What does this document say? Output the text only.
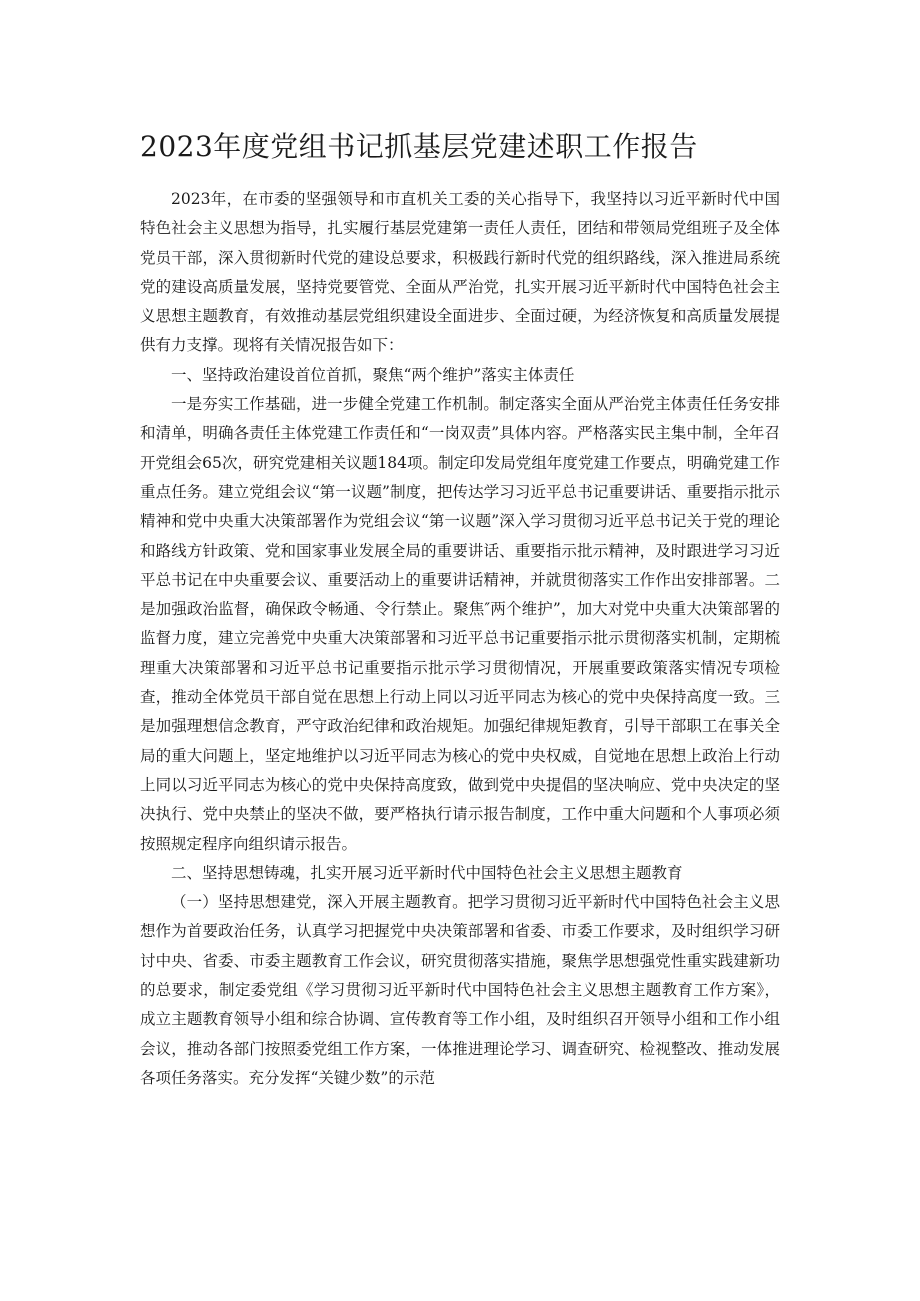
2023年度党组书记抓基层党建述职工作报告

2023年，在市委的坚强领导和市直机关工委的关心指导下，我坚持以习近平新时代中国特色社会主义思想为指导，扎实履行基层党建第一责任人责任，团结和带领局党组班子及全体党员干部，深入贯彻新时代党的建设总要求，积极践行新时代党的组织路线，深入推进局系统党的建设高质量发展，坚持党要管党、全面从严治党，扎实开展习近平新时代中国特色社会主义思想主题教育，有效推动基层党组织建设全面进步、全面过硬，为经济恢复和高质量发展提供有力支撑。现将有关情况报告如下：

一、坚持政治建设首位首抓，聚焦“两个维护”落实主体责任

一是夯实工作基础，进一步健全党建工作机制。制定落实全面从严治党主体责任任务安排和清单，明确各责任主体党建工作责任和“一岗双责”具体内容。严格落实民主集中制，全年召开党组会65次，研究党建相关议题184项。制定印发局党组年度党建工作要点，明确党建工作重点任务。建立党组会议“第一议题”制度，把传达学习习近平总书记重要讲话、重要指示批示精神和党中央重大决策部署作为党组会议“第一议题”深入学习贯彻习近平总书记关于党的理论和路线方针政策、党和国家事业发展全局的重要讲话、重要指示批示精神，及时跟进学习习近平总书记在中央重要会议、重要活动上的重要讲话精神，并就贯彻落实工作作出安排部署。二是加强政治监督，确保政令畅通、令行禁止。聚焦″两个维护”，加大对党中央重大决策部署的监督力度，建立完善党中央重大决策部署和习近平总书记重要指示批示贯彻落实机制，定期梳理重大决策部署和习近平总书记重要指示批示学习贯彻情况，开展重要政策落实情况专项检查，推动全体党员干部自觉在思想上行动上同以习近平同志为核心的党中央保持高度一致。三是加强理想信念教育，严守政治纪律和政治规矩。加强纪律规矩教育，引导干部职工在事关全局的重大问题上，坚定地维护以习近平同志为核心的党中央权威，自觉地在思想上政治上行动上同以习近平同志为核心的党中央保持高度致，做到党中央提倡的坚决响应、党中央决定的坚决执行、党中央禁止的坚决不做，要严格执行请示报告制度，工作中重大问题和个人事项必须按照规定程序向组织请示报告。

二、坚持思想铸魂，扎实开展习近平新时代中国特色社会主义思想主题教育

（一）坚持思想建党，深入开展主题教育。把学习贯彻习近平新时代中国特色社会主义思想作为首要政治任务，认真学习把握党中央决策部署和省委、市委工作要求，及时组织学习研讨中央、省委、市委主题教育工作会议，研究贯彻落实措施，聚焦学思想强党性重实践建新功的总要求，制定委党组《学习贯彻习近平新时代中国特色社会主义思想主题教育工作方案》，成立主题教育领导小组和综合协调、宣传教育等工作小组，及时组织召开领导小组和工作小组会议，推动各部门按照委党组工作方案，一体推进理论学习、调查研究、检视整改、推动发展各项任务落实。充分发挥“关键少数”的示范
